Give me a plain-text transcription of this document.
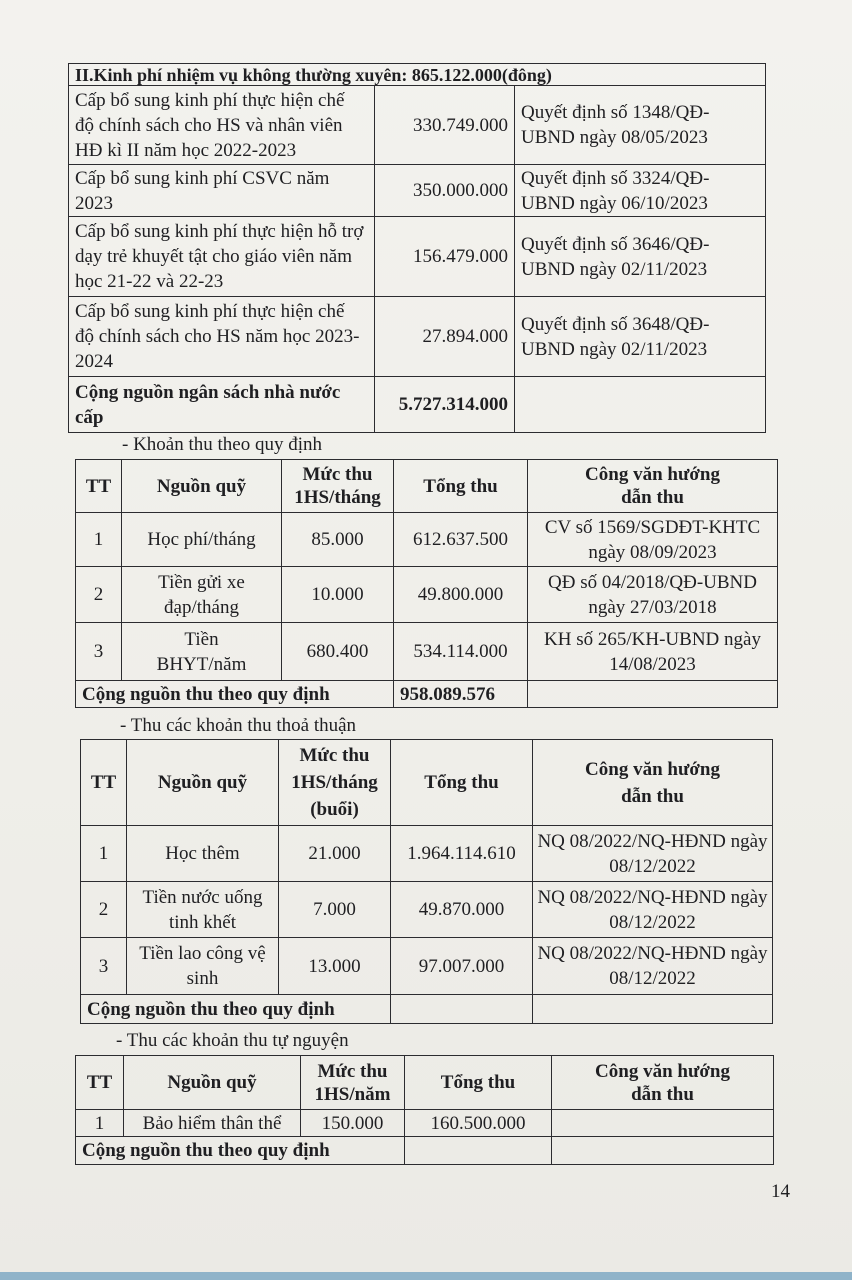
II.Kinh phí nhiệm vụ không thường xuyên: 865.122.000(đông)		
Cấp bổ sung kinh phí thực hiện chế độ chính sách cho HS và nhân viên HĐ kì II năm học 2022-2023	330.749.000	Quyết định số 1348/QĐ-UBND ngày 08/05/2023
Cấp bổ sung kinh phí CSVC năm 2023	350.000.000	Quyết định số 3324/QĐ-UBND ngày 06/10/2023
Cấp bổ sung kinh phí thực hiện hỗ trợ dạy trẻ khuyết tật cho giáo viên năm học 21-22 và 22-23	156.479.000	Quyết định số 3646/QĐ-UBND ngày 02/11/2023
Cấp bổ sung kinh phí thực hiện chế độ chính sách cho HS năm học 2023-2024	27.894.000	Quyết định số 3648/QĐ-UBND ngày 02/11/2023
Cộng nguồn ngân sách nhà nước cấp	5.727.314.000	
- Khoản thu theo quy định
TT	Nguồn quỹ	Mức thu 1HS/tháng	Tổng thu	Công văn hướng dẫn thu
1	Học phí/tháng	85.000	612.637.500	CV số 1569/SGDĐT-KHTC ngày 08/09/2023
2	Tiền gửi xe đạp/tháng	10.000	49.800.000	QĐ số 04/2018/QĐ-UBND ngày 27/03/2018
3	Tiền BHYT/năm	680.400	534.114.000	KH số 265/KH-UBND ngày 14/08/2023
Cộng nguồn thu theo quy định			958.089.576	
- Thu các khoản thu thoả thuận
TT	Nguồn quỹ	Mức thu 1HS/tháng (buổi)	Tổng thu	Công văn hướng dẫn thu
1	Học thêm	21.000	1.964.114.610	NQ 08/2022/NQ-HĐND ngày 08/12/2022
2	Tiền nước uống tinh khết	7.000	49.870.000	NQ 08/2022/NQ-HĐND ngày 08/12/2022
3	Tiền lao công vệ sinh	13.000	97.007.000	NQ 08/2022/NQ-HĐND ngày 08/12/2022
Cộng nguồn thu theo quy định				
- Thu các khoản thu tự nguyện
TT	Nguồn quỹ	Mức thu 1HS/năm	Tổng thu	Công văn hướng dẫn thu
1	Bảo hiểm thân thể	150.000	160.500.000	
Cộng nguồn thu theo quy định				
14
